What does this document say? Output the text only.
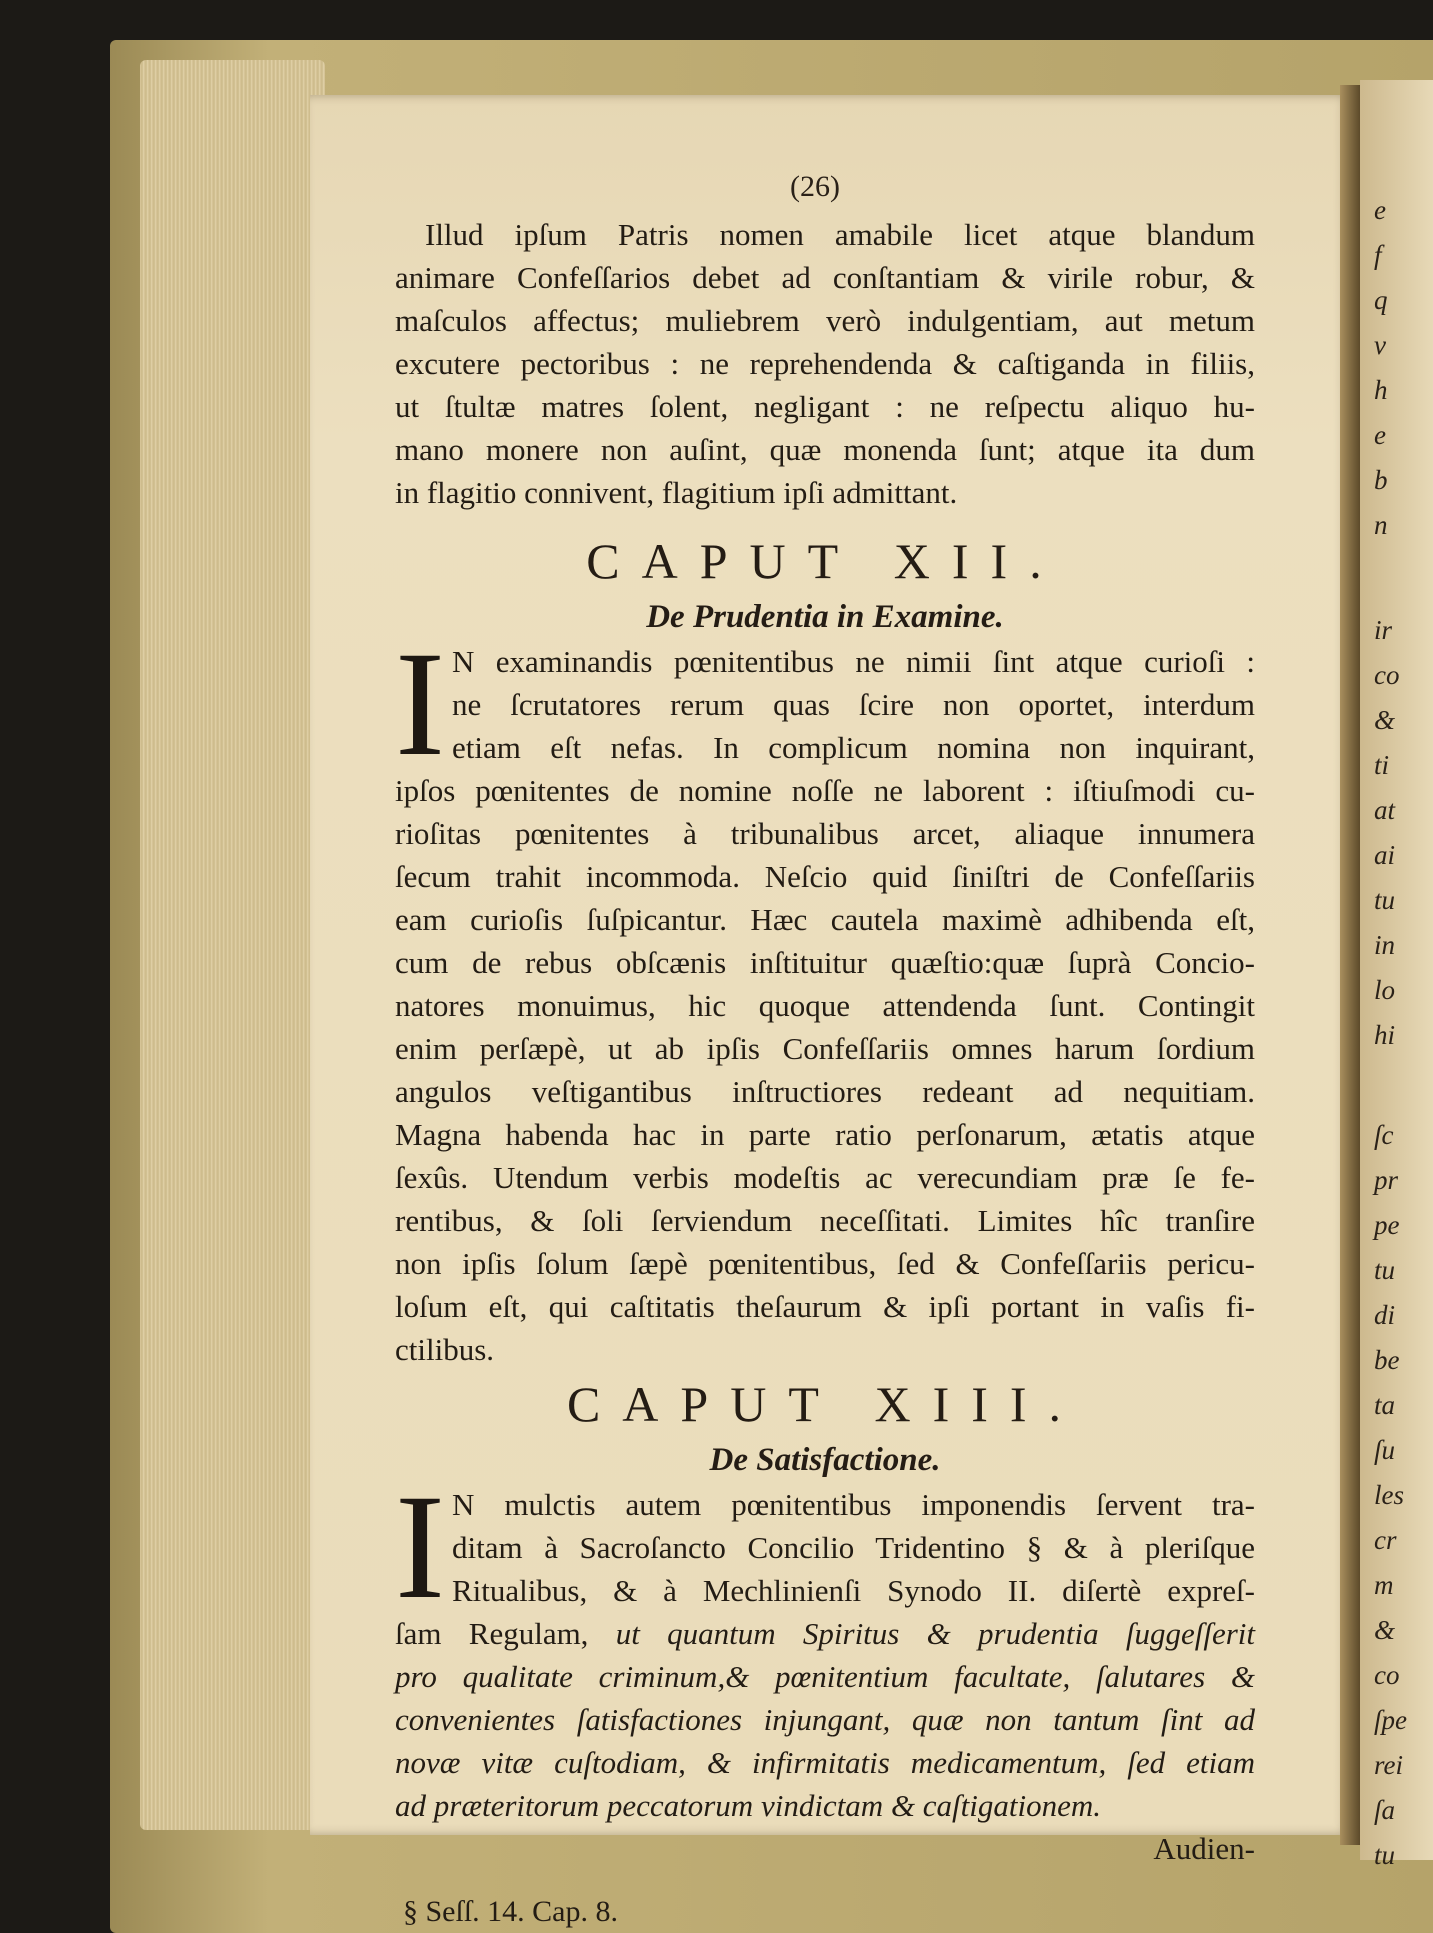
e
f
q
v
h
e
b
n
ir
co
&
ti
at
ai
tu
in
lo
hi
ſc
pr
pe
tu
di
be
ta
ſu
les
cr
m
&
co
ſpe
rei
ſa
tu
(26)
Illud ipſum Patris nomen amabile licet atque blandum
animare Confeſſarios debet ad conſtantiam & virile robur, &
maſculos affectus; muliebrem verò indulgentiam, aut metum
excutere pectoribus : ne reprehendenda & caſtiganda in filiis,
ut ſtultæ matres ſolent, negligant : ne reſpectu aliquo hu-
mano monere non auſint, quæ monenda ſunt; atque ita dum
in flagitio connivent, flagitium ipſi admittant.
CAPUT XII.
De Prudentia in Examine.
I N examinandis pœnitentibus ne nimii ſint atque curioſi :
ne ſcrutatores rerum quas ſcire non oportet, interdum
etiam eſt nefas. In complicum nomina non inquirant,
ipſos pœnitentes de nomine noſſe ne laborent : iſtiuſmodi cu-
rioſitas pœnitentes à tribunalibus arcet, aliaque innumera
ſecum trahit incommoda. Neſcio quid ſiniſtri de Confeſſariis
eam curioſis ſuſpicantur. Hæc cautela maximè adhibenda eſt,
cum de rebus obſcænis inſtituitur quæſtio:quæ ſuprà Concio-
natores monuimus, hic quoque attendenda ſunt. Contingit
enim perſæpè, ut ab ipſis Confeſſariis omnes harum ſordium
angulos veſtigantibus inſtructiores redeant ad nequitiam.
Magna habenda hac in parte ratio perſonarum, ætatis atque
ſexûs. Utendum verbis modeſtis ac verecundiam præ ſe fe-
rentibus, & ſoli ſerviendum neceſſitati. Limites hîc tranſire
non ipſis ſolum ſæpè pœnitentibus, ſed & Confeſſariis pericu-
loſum eſt, qui caſtitatis theſaurum & ipſi portant in vaſis fi-
ctilibus.
CAPUT XIII.
De Satisfactione.
I N mulctis autem pœnitentibus imponendis ſervent tra-
ditam à Sacroſancto Concilio Tridentino § & à pleriſque
Ritualibus, & à Mechlinienſi Synodo II. diſertè expreſ-
ſam Regulam, ut quantum Spiritus & prudentia ſuggeſſerit
pro qualitate criminum,& pœnitentium facultate, ſalutares &
convenientes ſatisfactiones injungant, quæ non tantum ſint ad
novæ vitæ cuſtodiam, & infirmitatis medicamentum, ſed etiam
ad præteritorum peccatorum vindictam & caſtigationem.
Audien-
§ Seſſ. 14. Cap. 8.
